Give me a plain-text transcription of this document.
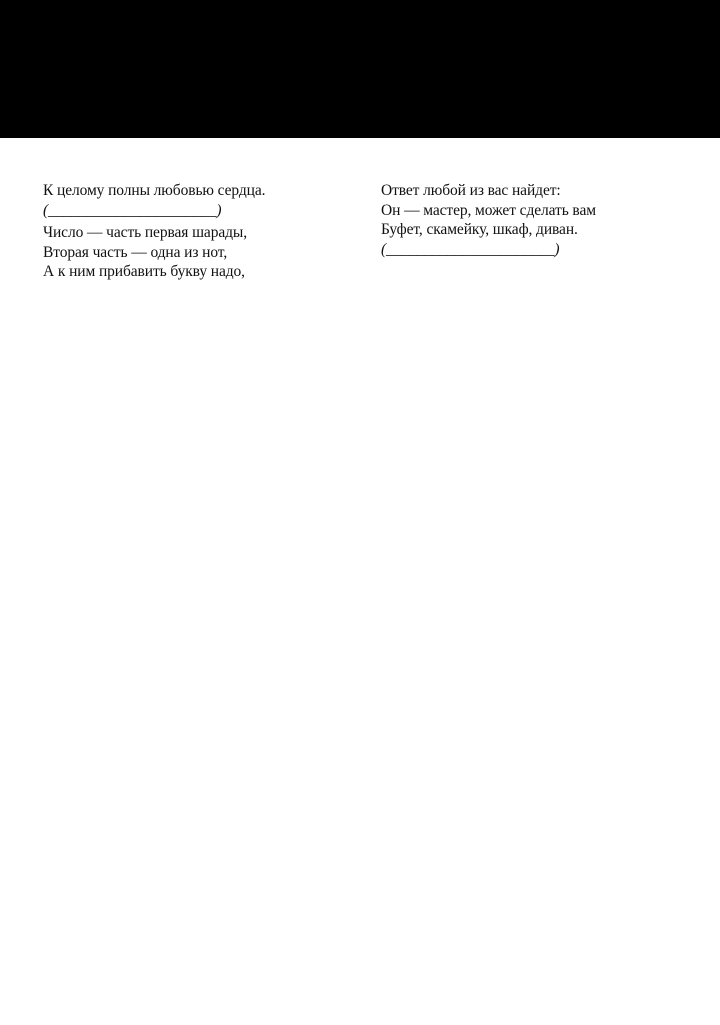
К целому полны любовью сердца.
(______________________)
Число — часть первая шарады,
Вторая часть — одна из нот,
А к ним прибавить букву надо,
Ответ любой из вас найдет:
Он — мастер, может сделать вам
Буфет, скамейку, шкаф, диван.
(______________________)
